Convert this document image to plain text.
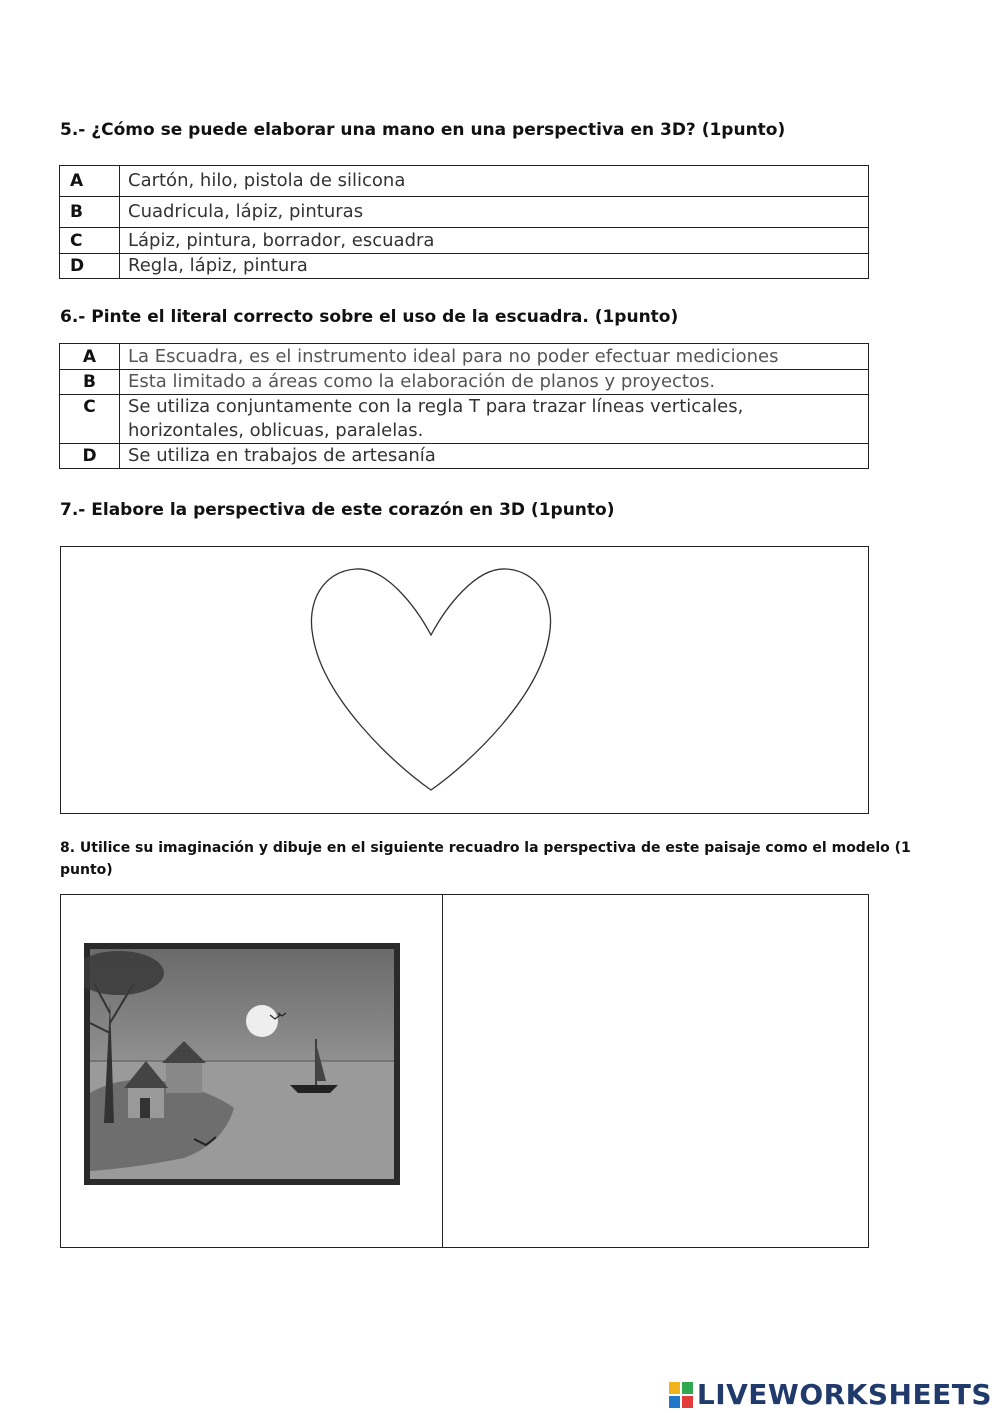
5.- ¿Cómo se puede elaborar una mano en una perspectiva en 3D? (1punto)
A	Cartón, hilo, pistola de silicona
B	Cuadricula, lápiz, pinturas
C	Lápiz, pintura, borrador, escuadra
D	Regla, lápiz, pintura
6.- Pinte el literal correcto sobre el uso de la escuadra. (1punto)
A	La Escuadra, es el instrumento ideal para no poder efectuar mediciones
B	Esta limitado a áreas como la elaboración de planos y proyectos.
C	Se utiliza conjuntamente con la regla T para trazar líneas verticales, horizontales, oblicuas, paralelas.
D	Se utiliza en trabajos de artesanía
7.- Elabore la perspectiva de este corazón en 3D (1punto)
8. Utilice su imaginación y dibuje en el siguiente recuadro la perspectiva de este paisaje como el modelo (1 punto)
LIVEWORKSHEETS
